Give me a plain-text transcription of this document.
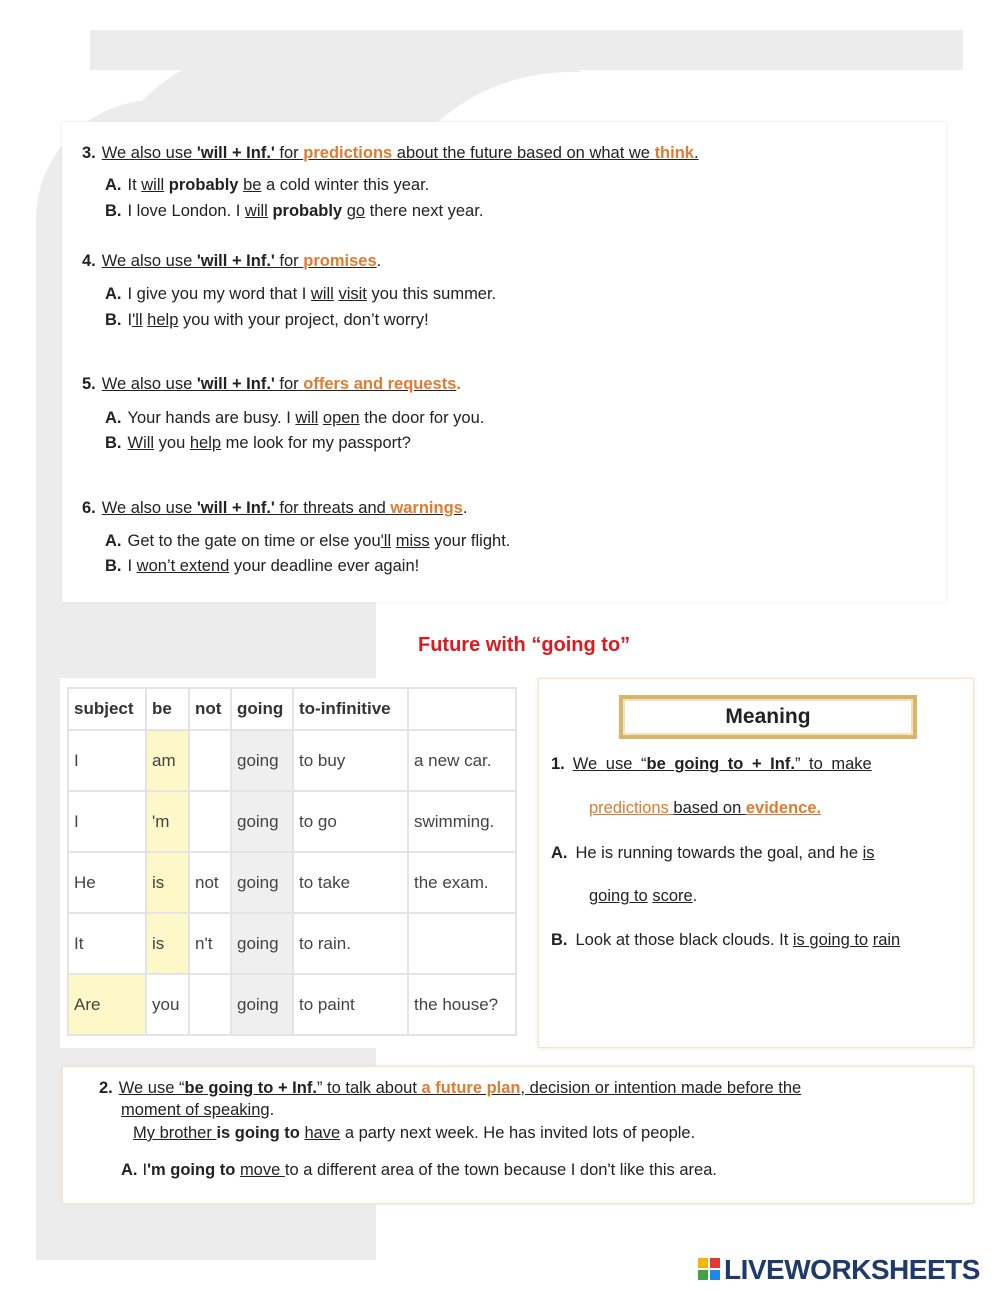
3. We also use 'will + Inf.' for predictions about the future based on what we think.
A. It will probably be a cold winter this year.
B. I love London. I will probably go there next year.
4. We also use 'will + Inf.' for promises.
A. I give you my word that I will visit you this summer.
B. I'll help you with your project, don’t worry!
5. We also use 'will + Inf.' for offers and requests.
A. Your hands are busy. I will open the door for you.
B. Will you help me look for my passport?
6. We also use 'will + Inf.' for threats and warnings.
A. Get to the gate on time or else you'll miss your flight.
B. I won’t extend your deadline ever again!
Future with “going to”
subject	be	not	going	to-infinitive	
I	am		going	to buy	a new car.
I	'm		going	to go	swimming.
He	is	not	going	to take	the exam.
It	is	n't	going	to rain.	
Are	you		going	to paint	the house?
Meaning
1. We use “be going to + Inf.” to make
predictions based on evidence.
A. He is running towards the goal, and he is
going to score.
B. Look at those black clouds. It is going to rain
2. We use “be going to + Inf.” to talk about a future plan, decision or intention made before the
moment of speaking.
My brother is going to have a party next week. He has invited lots of people.
A. I'm going to move to a different area of the town because I don't like this area.
LIVEWORKSHEETS
